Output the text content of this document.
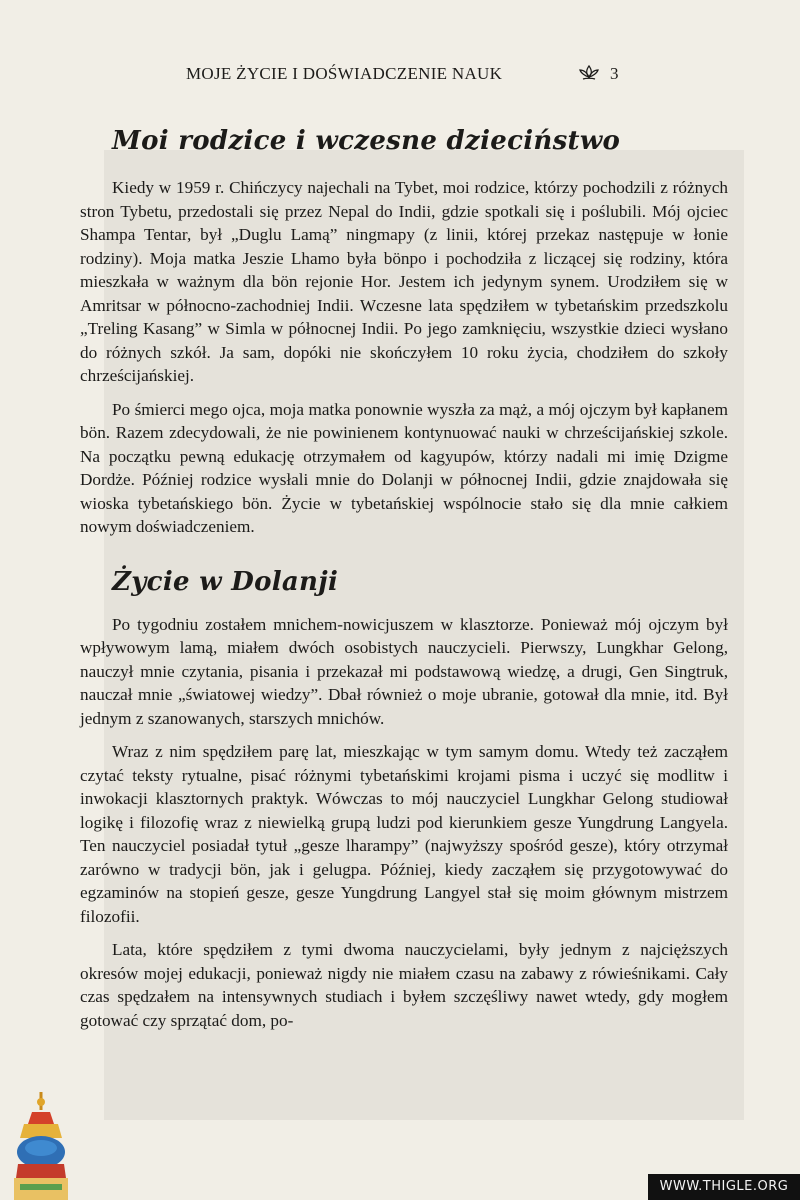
MOJE ŻYCIE I DOŚWIADCZENIE NAUK	3
Moi rodzice i wczesne dzieciństwo

Kiedy w 1959 r. Chińczycy najechali na Tybet, moi rodzice, którzy pochodzili z różnych stron Tybetu, przedostali się przez Nepal do Indii, gdzie spotkali się i poślubili. Mój ojciec Shampa Tentar, był „Duglu Lamą” ningmapy (z linii, której przekaz następuje w łonie rodziny). Moja matka Jeszie Lhamo była bönpo i pochodziła z liczącej się rodziny, która mieszkała w ważnym dla bön rejonie Hor. Jestem ich jedynym synem. Urodziłem się w Amritsar w północno-zachodniej Indii. Wczesne lata spędziłem w tybetańskim przedszkolu „Treling Kasang” w Simla w północnej Indii. Po jego zamknięciu, wszystkie dzieci wysłano do różnych szkół. Ja sam, dopóki nie skończyłem 10 roku życia, chodziłem do szkoły chrześcijańskiej.

Po śmierci mego ojca, moja matka ponownie wyszła za mąż, a mój ojczym był kapłanem bön. Razem zdecydowali, że nie powinienem kontynuować nauki w chrześcijańskiej szkole. Na początku pewną edukację otrzymałem od kagyupów, którzy nadali mi imię Dzigme Dordże. Później rodzice wysłali mnie do Dolanji w północnej Indii, gdzie znajdowała się wioska tybetańskiego bön. Życie w tybetańskiej wspólnocie stało się dla mnie całkiem nowym doświadczeniem.

Życie w Dolanji

Po tygodniu zostałem mnichem-nowicjuszem w klasztorze. Ponieważ mój ojczym był wpływowym lamą, miałem dwóch osobistych nauczycieli. Pierwszy, Lungkhar Gelong, nauczył mnie czytania, pisania i przekazał mi podstawową wiedzę, a drugi, Gen Singtruk, nauczał mnie „światowej wiedzy”. Dbał również o moje ubranie, gotował dla mnie, itd. Był jednym z szanowanych, starszych mnichów.

Wraz z nim spędziłem parę lat, mieszkając w tym samym domu. Wtedy też zacząłem czytać teksty rytualne, pisać różnymi tybetańskimi krojami pisma i uczyć się modlitw i inwokacji klasztornych praktyk. Wówczas to mój nauczyciel Lungkhar Gelong studiował logikę i filozofię wraz z niewielką grupą ludzi pod kierunkiem gesze Yungdrung Langyela. Ten nauczyciel posiadał tytuł „gesze lharampy” (najwyższy spośród gesze), który otrzymał zarówno w tradycji bön, jak i gelugpa. Później, kiedy zacząłem się przygotowywać do egzaminów na stopień gesze, gesze Yungdrung Langyel stał się moim głównym mistrzem filozofii.

Lata, które spędziłem z tymi dwoma nauczycielami, były jednym z najcięższych okresów mojej edukacji, ponieważ nigdy nie miałem czasu na zabawy z rówieśnikami. Cały czas spędzałem na intensywnych studiach i byłem szczęśliwy nawet wtedy, gdy mogłem gotować czy sprzątać dom, po-

WWW.THIGLE.ORG
